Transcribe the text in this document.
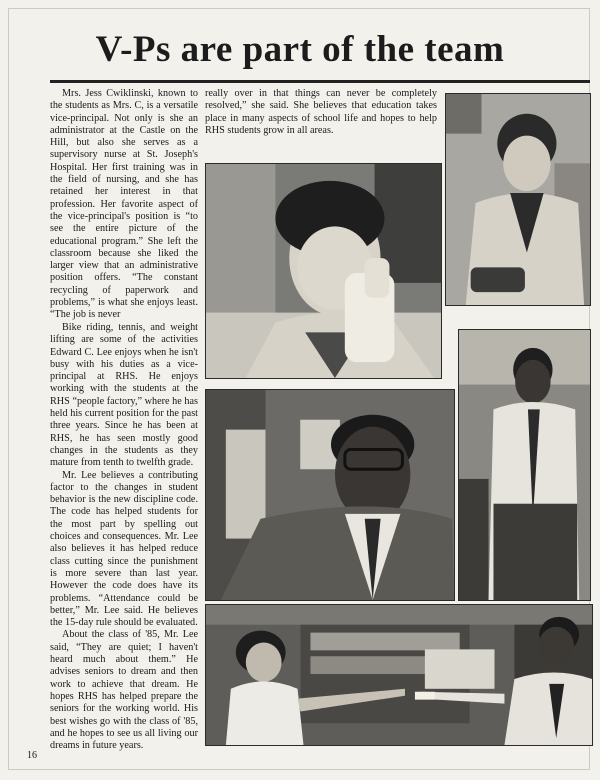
V-Ps are part of the team

Mrs. Jess Cwiklinski, known to the students as Mrs. C, is a versatile vice-principal. Not only is she an administrator at the Castle on the Hill, but also she serves as a supervisory nurse at St. Joseph's Hospital. Her first training was in the field of nursing, and she has retained her interest in that profession. Her favorite aspect of the vice-principal's position is “to see the entire picture of the educational program.” She left the classroom because she liked the larger view that an administrative position offers. “The constant recycling of paperwork and problems,” is what she enjoys least. “The job is never

really over in that things can never be completely resolved,” she said. She believes that education takes place in many aspects of school life and hopes to help RHS students grow in all areas.

Bike riding, tennis, and weight lifting are some of the activities Edward C. Lee enjoys when he isn't busy with his duties as a vice-principal at RHS. He enjoys working with the students at the RHS “people factory,” where he has held his current position for the past three years. Since he has been at RHS, he has seen mostly good changes in the students as they mature from tenth to twelfth grade.

Mr. Lee believes a contributing factor to the changes in student behavior is the new discipline code. The code has helped students for the most part by spelling out choices and consequences. Mr. Lee also believes it has helped reduce class cutting since the punishment is more severe than last year. However the code does have its problems. “Attendance could be better,” Mr. Lee said. He believes the 15-day rule should be evaluated.

About the class of '85, Mr. Lee said, “They are quiet; I haven't heard much about them.” He advises seniors to dream and then work to achieve that dream. He hopes RHS has helped prepare the seniors for the working world. His best wishes go with the class of '85, and he hopes to see us all living our dreams in future years.

16
